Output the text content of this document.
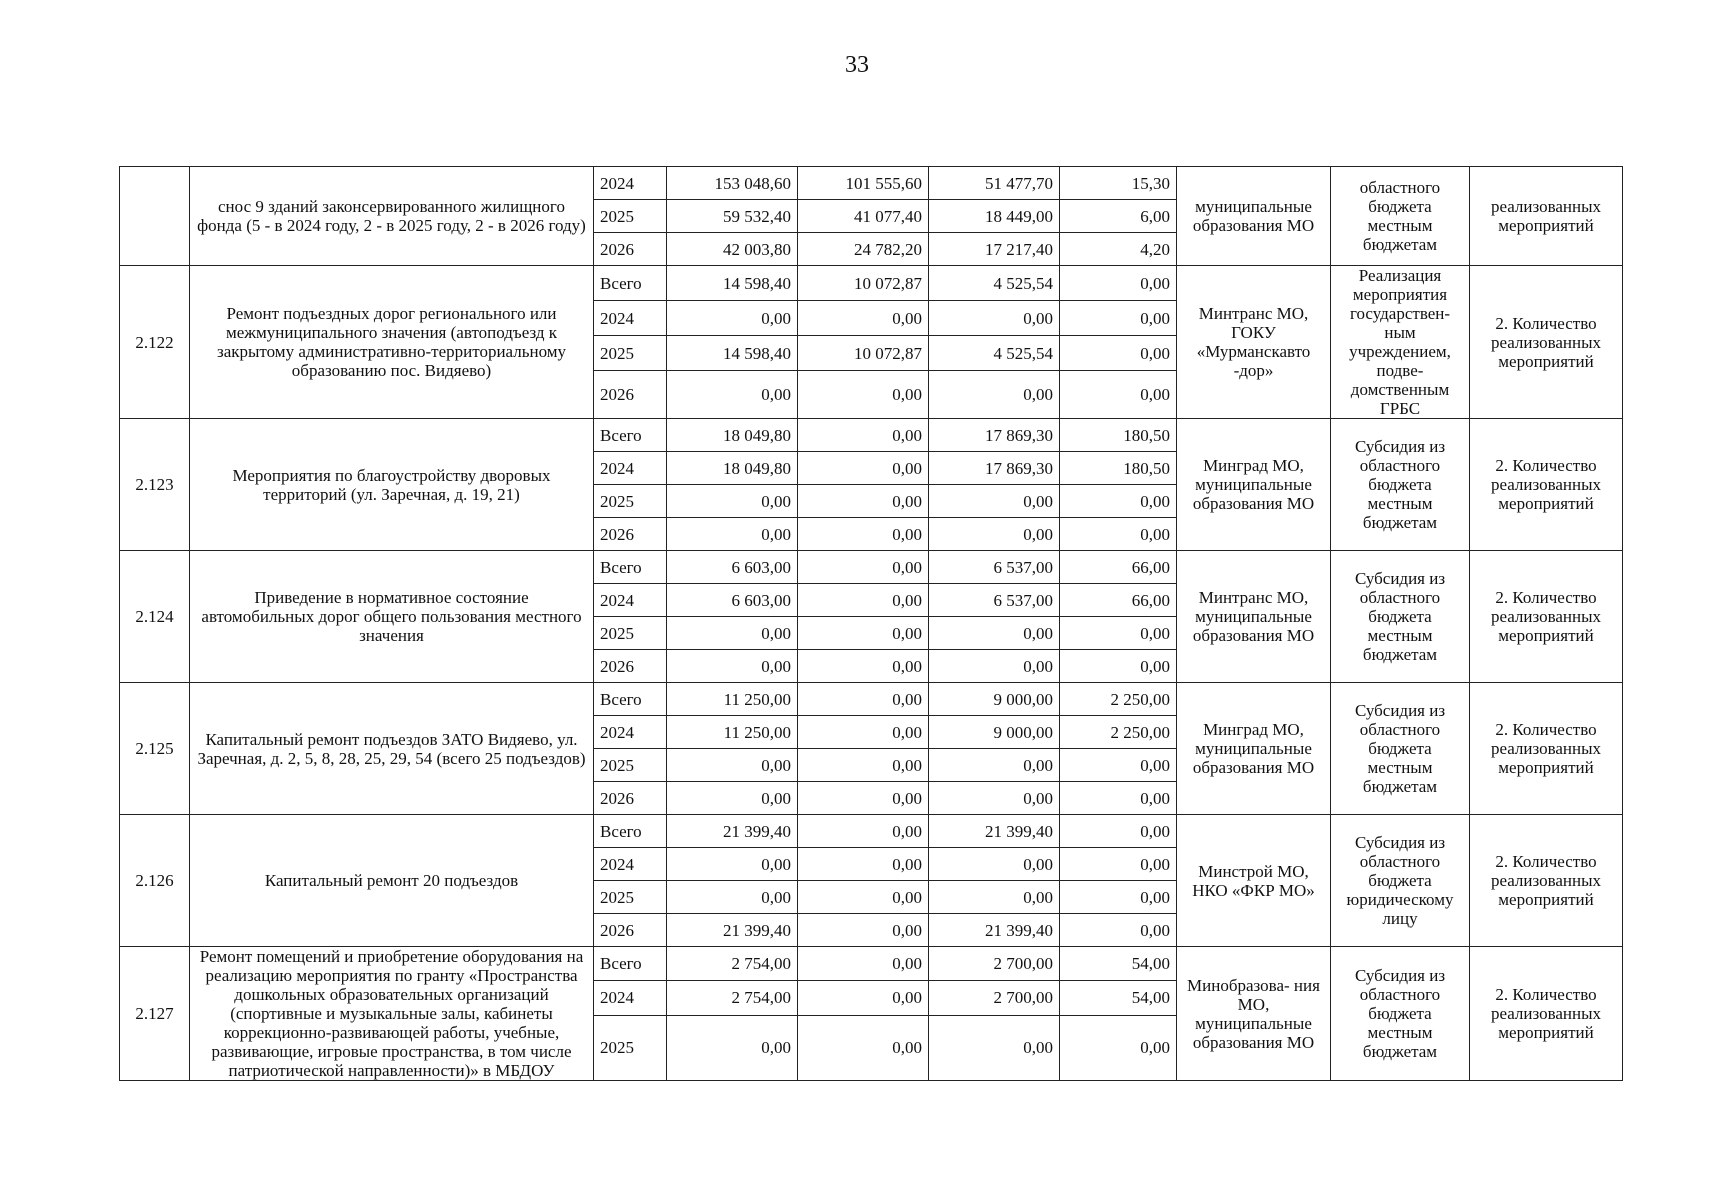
33
	снос 9 зданий законсервированного жилищного фонда (5 - в 2024 году, 2 - в 2025 году, 2 - в 2026 году)	2024	153 048,60	101 555,60	51 477,70	15,30	муниципальные образования МО	областного бюджета местным бюджетам	реализованных мероприятий
		2025	59 532,40	41 077,40	18 449,00	6,00			
		2026	42 003,80	24 782,20	17 217,40	4,20			
2.122	Ремонт подъездных дорог регионального или межмуниципального значения (автоподъезд к закрытому административно-территориальному образованию пос. Видяево)	Всего	14 598,40	10 072,87	4 525,54	0,00	Минтранс МО, ГОКУ «Мурманскавто -дор»	Реализация мероприятия государствен- ным учреждением, подве- домственным ГРБС	2. Количество реализованных мероприятий
		2024	0,00	0,00	0,00	0,00			
		2025	14 598,40	10 072,87	4 525,54	0,00			
		2026	0,00	0,00	0,00	0,00			
2.123	Мероприятия по благоустройству дворовых территорий (ул. Заречная, д. 19, 21)	Всего	18 049,80	0,00	17 869,30	180,50	Минград МО, муниципальные образования МО	Субсидия из областного бюджета местным бюджетам	2. Количество реализованных мероприятий
		2024	18 049,80	0,00	17 869,30	180,50			
		2025	0,00	0,00	0,00	0,00			
		2026	0,00	0,00	0,00	0,00			
2.124	Приведение в нормативное состояние автомобильных дорог общего пользования местного значения	Всего	6 603,00	0,00	6 537,00	66,00	Минтранс МО, муниципальные образования МО	Субсидия из областного бюджета местным бюджетам	2. Количество реализованных мероприятий
		2024	6 603,00	0,00	6 537,00	66,00			
		2025	0,00	0,00	0,00	0,00			
		2026	0,00	0,00	0,00	0,00			
2.125	Капитальный ремонт подъездов ЗАТО Видяево, ул. Заречная, д. 2, 5, 8, 28, 25, 29, 54 (всего 25 подъездов)	Всего	11 250,00	0,00	9 000,00	2 250,00	Минград МО, муниципальные образования МО	Субсидия из областного бюджета местным бюджетам	2. Количество реализованных мероприятий
		2024	11 250,00	0,00	9 000,00	2 250,00			
		2025	0,00	0,00	0,00	0,00			
		2026	0,00	0,00	0,00	0,00			
2.126	Капитальный ремонт 20 подъездов	Всего	21 399,40	0,00	21 399,40	0,00	Минстрой МО, НКО «ФКР МО»	Субсидия из областного бюджета юридическому лицу	2. Количество реализованных мероприятий
		2024	0,00	0,00	0,00	0,00			
		2025	0,00	0,00	0,00	0,00			
		2026	21 399,40	0,00	21 399,40	0,00			
2.127	Ремонт помещений и приобретение оборудования на реализацию мероприятия по гранту «Пространства дошкольных образовательных организаций (спортивные и музыкальные залы, кабинеты коррекционно-развивающей работы, учебные, развивающие, игровые пространства, в том числе патриотической направленности)» в МБДОУ	Всего	2 754,00	0,00	2 700,00	54,00	Минобразова- ния МО, муниципальные образования МО	Субсидия из областного бюджета местным бюджетам	2. Количество реализованных мероприятий
		2024	2 754,00	0,00	2 700,00	54,00			
		2025	0,00	0,00	0,00	0,00			
